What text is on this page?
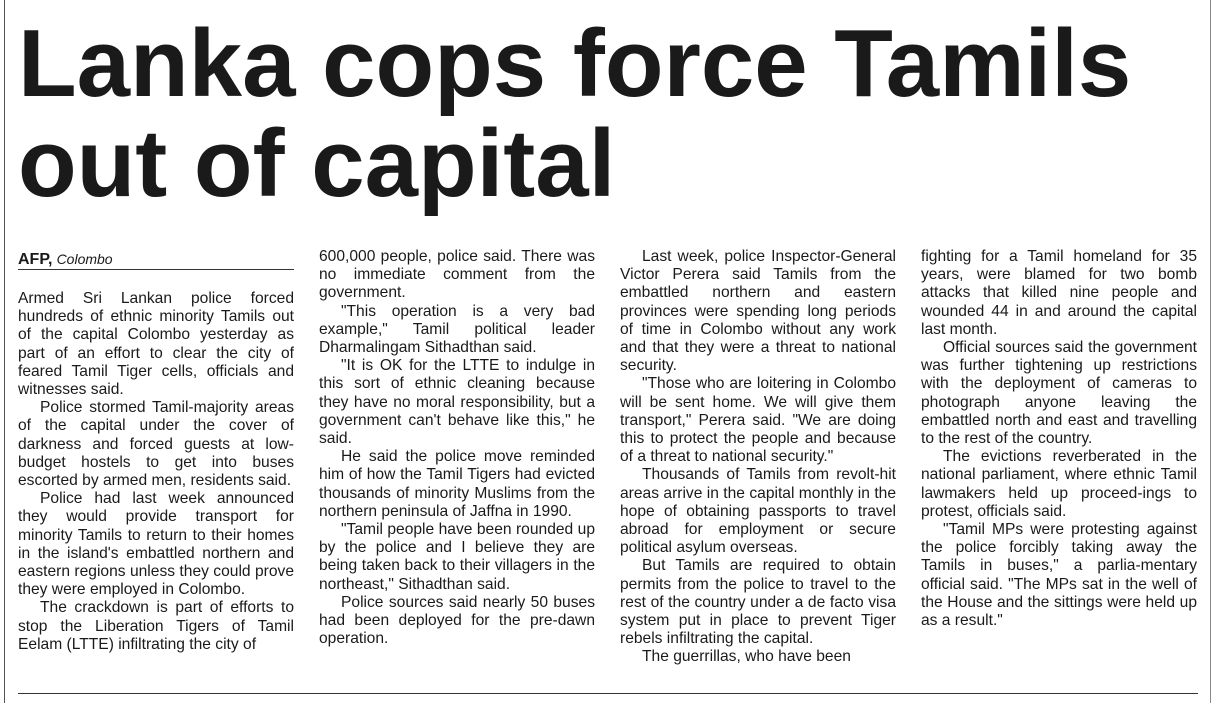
Lanka cops force Tamils out of capital
AFP, Colombo

Armed Sri Lankan police forced hundreds of ethnic minority Tamils out of the capital Colombo yesterday as part of an effort to clear the city of feared Tamil Tiger cells, officials and witnesses said.

Police stormed Tamil-majority areas of the capital under the cover of darkness and forced guests at low-budget hostels to get into buses escorted by armed men, residents said.

Police had last week announced they would provide transport for minority Tamils to return to their homes in the island's embattled northern and eastern regions unless they could prove they were employed in Colombo.

The crackdown is part of efforts to stop the Liberation Tigers of Tamil Eelam (LTTE) infiltrating the city of

600,000 people, police said. There was no immediate comment from the government.

"This operation is a very bad example," Tamil political leader Dharmalingam Sithadthan said.

"It is OK for the LTTE to indulge in this sort of ethnic cleaning because they have no moral responsibility, but a government can't behave like this," he said.

He said the police move reminded him of how the Tamil Tigers had evicted thousands of minority Muslims from the northern peninsula of Jaffna in 1990.

"Tamil people have been rounded up by the police and I believe they are being taken back to their villagers in the northeast," Sithadthan said.

Police sources said nearly 50 buses had been deployed for the pre-dawn operation.

Last week, police Inspector-General Victor Perera said Tamils from the embattled northern and eastern provinces were spending long periods of time in Colombo without any work and that they were a threat to national security.

"Those who are loitering in Colombo will be sent home. We will give them transport," Perera said. "We are doing this to protect the people and because of a threat to national security."

Thousands of Tamils from revolt-hit areas arrive in the capital monthly in the hope of obtaining passports to travel abroad for employment or secure political asylum overseas.

But Tamils are required to obtain permits from the police to travel to the rest of the country under a de facto visa system put in place to prevent Tiger rebels infiltrating the capital.

The guerrillas, who have been

fighting for a Tamil homeland for 35 years, were blamed for two bomb attacks that killed nine people and wounded 44 in and around the capital last month.

Official sources said the government was further tightening up restrictions with the deployment of cameras to photograph anyone leaving the embattled north and east and travelling to the rest of the country.

The evictions reverberated in the national parliament, where ethnic Tamil lawmakers held up proceed-ings to protest, officials said.

"Tamil MPs were protesting against the police forcibly taking away the Tamils in buses," a parlia-mentary official said. "The MPs sat in the well of the House and the sittings were held up as a result."
